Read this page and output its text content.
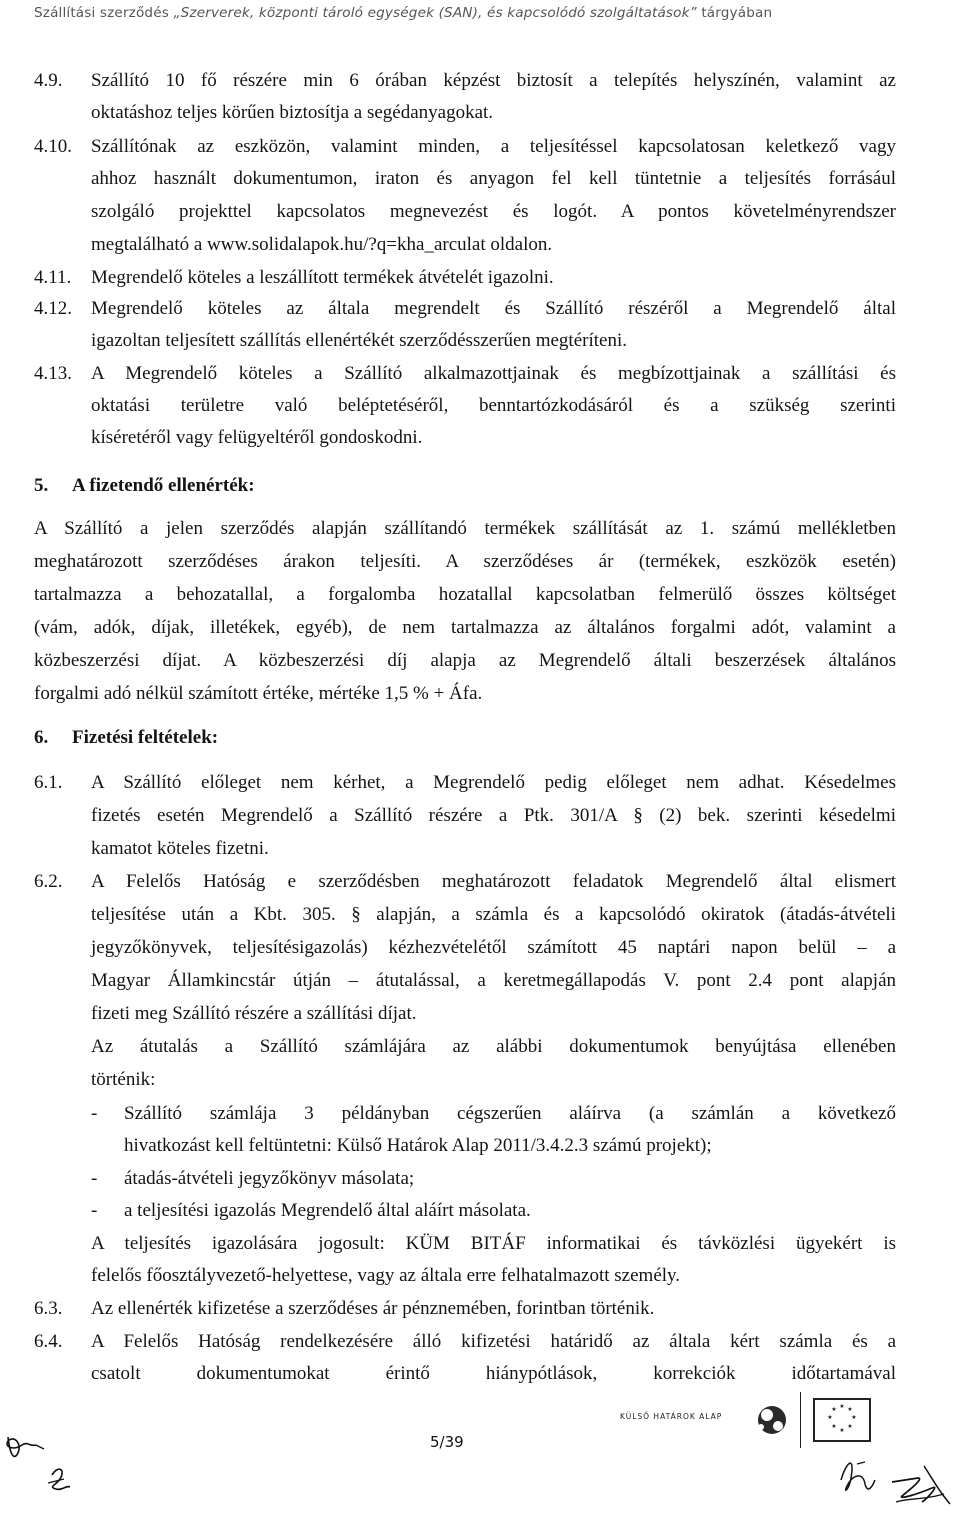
Szállítási szerződés „Szerverek, központi tároló egységek (SAN), és kapcsolódó szolgáltatások” tárgyában
4.9. Szállító 10 fő részére min 6 órában képzést biztosít a telepítés helyszínén, valamint az
oktatáshoz teljes körűen biztosítja a segédanyagokat.
4.10. Szállítónak az eszközön, valamint minden, a teljesítéssel kapcsolatosan keletkező vagy
ahhoz használt dokumentumon, iraton és anyagon fel kell tüntetnie a teljesítés forrásául
szolgáló projekttel kapcsolatos megnevezést és logót. A pontos követelményrendszer
megtalálható a www.solidalapok.hu/?q=kha_arculat oldalon.
4.11. Megrendelő köteles a leszállított termékek átvételét igazolni.
4.12. Megrendelő köteles az általa megrendelt és Szállító részéről a Megrendelő által
igazoltan teljesített szállítás ellenértékét szerződésszerűen megtéríteni.
4.13. A Megrendelő köteles a Szállító alkalmazottjainak és megbízottjainak a szállítási és
oktatási területre való beléptetéséről, benntartózkodásáról és a szükség szerinti
kíséretéről vagy felügyeltéről gondoskodni.
5. A fizetendő ellenérték:
A Szállító a jelen szerződés alapján szállítandó termékek szállítását az 1. számú mellékletben
meghatározott szerződéses árakon teljesíti. A szerződéses ár (termékek, eszközök esetén)
tartalmazza a behozatallal, a forgalomba hozatallal kapcsolatban felmerülő összes költséget
(vám, adók, díjak, illetékek, egyéb), de nem tartalmazza az általános forgalmi adót, valamint a
közbeszerzési díjat. A közbeszerzési díj alapja az Megrendelő általi beszerzések általános
forgalmi adó nélkül számított értéke, mértéke 1,5 % + Áfa.
6. Fizetési feltételek:
6.1. A Szállító előleget nem kérhet, a Megrendelő pedig előleget nem adhat. Késedelmes
fizetés esetén Megrendelő a Szállító részére a Ptk. 301/A § (2) bek. szerinti késedelmi
kamatot köteles fizetni.
6.2. A Felelős Hatóság e szerződésben meghatározott feladatok Megrendelő által elismert
teljesítése után a Kbt. 305. § alapján, a számla és a kapcsolódó okiratok (átadás-átvételi
jegyzőkönyvek, teljesítésigazolás) kézhezvételétől számított 45 naptári napon belül – a
Magyar Államkincstár útján – átutalással, a keretmegállapodás V. pont 2.4 pont alapján
fizeti meg Szállító részére a szállítási díjat.
Az átutalás a Szállító számlájára az alábbi dokumentumok benyújtása ellenében
történik:
- Szállító számlája 3 példányban cégszerűen aláírva (a számlán a következő
hivatkozást kell feltüntetni: Külső Határok Alap 2011/3.4.2.3 számú projekt);
- átadás-átvételi jegyzőkönyv másolata;
- a teljesítési igazolás Megrendelő által aláírt másolata.
A teljesítés igazolására jogosult: KÜM BITÁF informatikai és távközlési ügyekért is
felelős főosztályvezető-helyettese, vagy az általa erre felhatalmazott személy.
6.3. Az ellenérték kifizetése a szerződéses ár pénznemében, forintban történik.
6.4. A Felelős Hatóság rendelkezésére álló kifizetési határidő az általa kért számla és a
csatolt	dokumentumokat	érintő	hiánypótlások,	korrekciók	időtartamával
KÜLSŐ HATÁROK ALAP
★ ★
★
★
★
★
★
★
5/39
